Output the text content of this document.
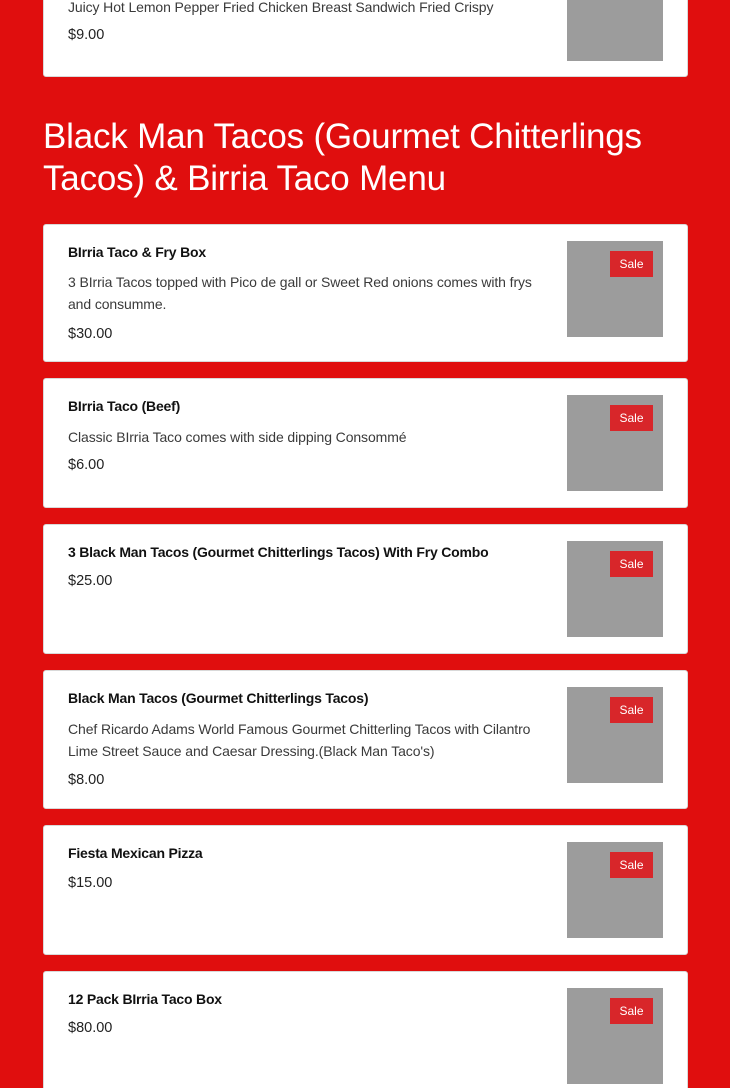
Juicy Hot Lemon Pepper Fried Chicken Breast Sandwich Fried Crispy
$9.00
Black Man Tacos (Gourmet Chitterlings Tacos) & Birria Taco Menu
BIrria Taco & Fry Box
3 BIrria Tacos topped with Pico de gall or Sweet Red onions comes with frys and consumme.
$30.00
Sale
BIrria Taco (Beef)
Classic BIrria Taco comes with side dipping Consommé
$6.00
Sale
3 Black Man Tacos (Gourmet Chitterlings Tacos) With Fry Combo
$25.00
Sale
Black Man Tacos (Gourmet Chitterlings Tacos)
Chef Ricardo Adams World Famous Gourmet Chitterling Tacos with Cilantro Lime Street Sauce and Caesar Dressing.(Black Man Taco's)
$8.00
Sale
Fiesta Mexican Pizza
$15.00
Sale
12 Pack BIrria Taco Box
$80.00
Sale
